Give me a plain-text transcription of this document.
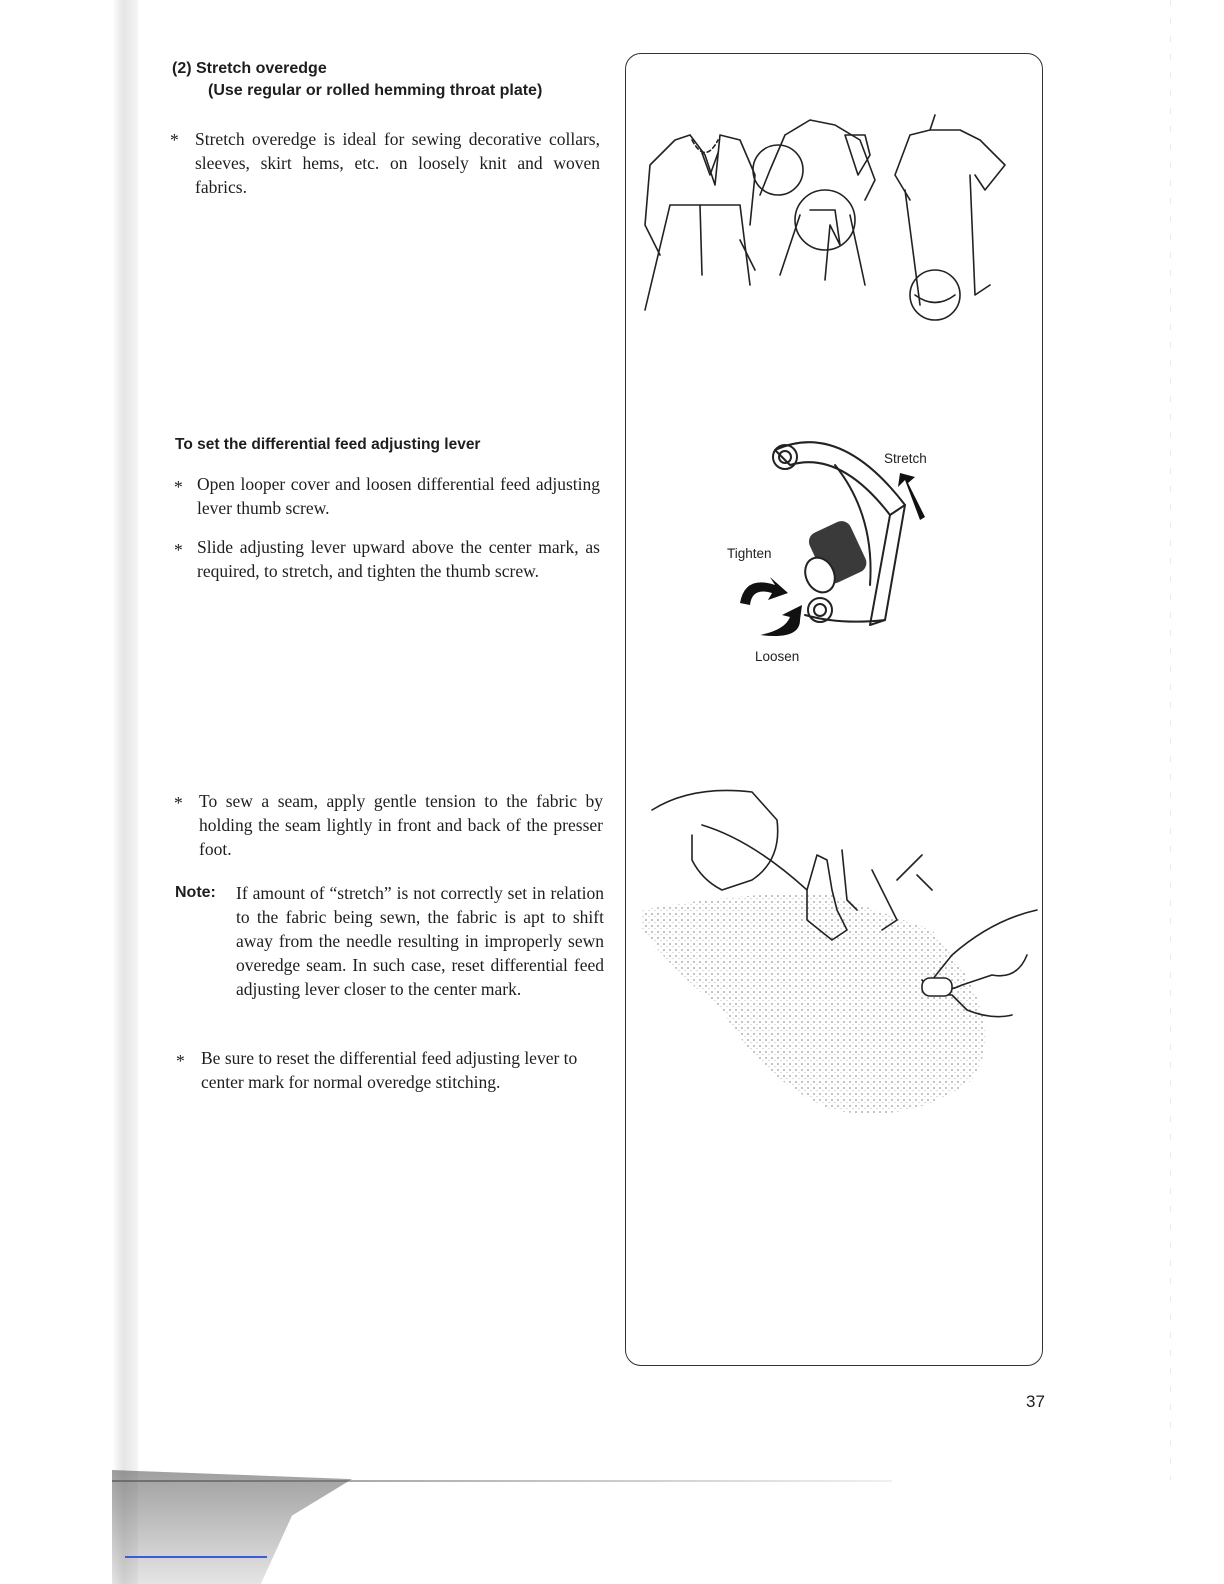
(2) Stretch overedge
(Use regular or rolled hemming throat plate)
* Stretch overedge is ideal for sewing decorative collars, sleeves, skirt hems, etc. on loosely knit and woven fabrics.

To set the differential feed adjusting lever
* Open looper cover and loosen differential feed adjusting lever thumb screw.

* Slide adjusting lever upward above the center mark, as required, to stretch, and tighten the thumb screw.

* To sew a seam, apply gentle tension to the fabric by holding the seam lightly in front and back of the presser foot.

Note: If amount of “stretch” is not correctly set in relation to the fabric being sewn, the fabric is apt to shift away from the needle resulting in improperly sewn overedge seam. In such case, reset differential feed adjusting lever closer to the center mark.

* Be sure to reset the differential feed adjusting lever to center mark for normal overedge stitching.

Stretch
Tighten
Loosen
37
